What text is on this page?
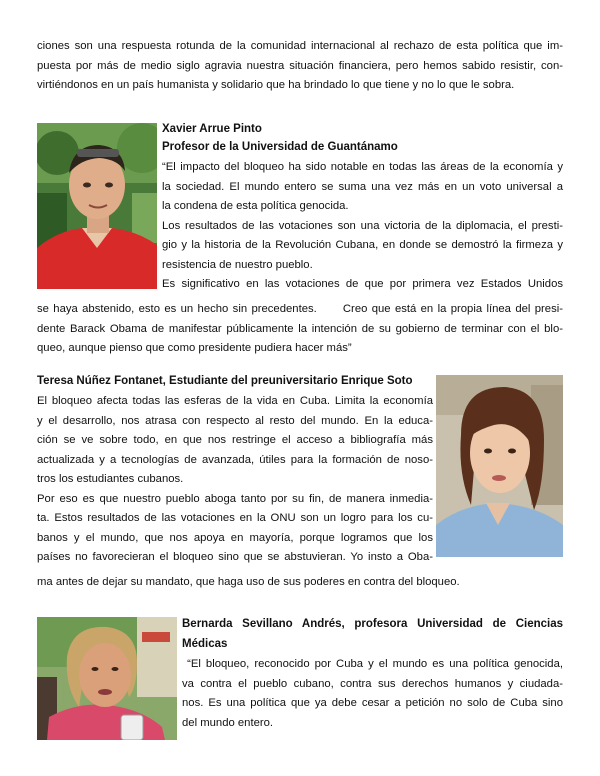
ciones son una respuesta rotunda de la comunidad internacional al rechazo de esta política que im-
puesta por más de medio siglo agravia nuestra situación financiera, pero hemos sabido resistir, con-
virtiéndonos en un país humanista y solidario que ha brindado lo que tiene y no lo que le sobra.
Xavier Arrue Pinto
Profesor de la Universidad de Guantánamo
“El impacto del bloqueo ha sido notable en todas las áreas de la economía y
la sociedad. El mundo entero se suma una vez más en un voto universal a
la condena de esta política genocida.
Los resultados de las votaciones son una victoria de la diplomacia, el presti-
gio y la historia de la Revolución Cubana, en donde se demostró la firmeza y
resistencia de nuestro pueblo.
Es significativo en las votaciones de que por primera vez Estados Unidos
se haya abstenido, esto es un hecho sin precedentes.      Creo que está en la propia línea del presi-
dente Barack Obama de manifestar públicamente la intención de su gobierno de terminar con el blo-
queo, aunque pienso que como presidente pudiera hacer más”
Teresa Núñez Fontanet, Estudiante del preuniversitario Enrique Soto
El bloqueo afecta todas las esferas de la vida en Cuba. Limita la economía
y el desarrollo, nos atrasa con respecto al resto del mundo. En la educa-
ción se ve sobre todo, en que nos restringe el acceso a bibliografía más
actualizada y a tecnologías de avanzada, útiles para la formación de noso-
tros los estudiantes cubanos.
Por eso es que nuestro pueblo aboga tanto por su fin, de manera inmedia-
ta. Estos resultados de las votaciones en la ONU son un logro para los cu-
banos y el mundo, que nos apoya en mayoría, porque logramos que los
países no favorecieran el bloqueo sino que se abstuvieran. Yo insto a Oba-
ma antes de dejar su mandato, que haga uso de sus poderes en contra del bloqueo.
Bernarda Sevillano Andrés, profesora Universidad de Ciencias
Médicas
“El bloqueo, reconocido por Cuba y el mundo es una política genocida,
va contra el pueblo cubano, contra sus derechos humanos y ciudada-
nos. Es una política que ya debe cesar a petición no solo de Cuba sino
del mundo entero.
